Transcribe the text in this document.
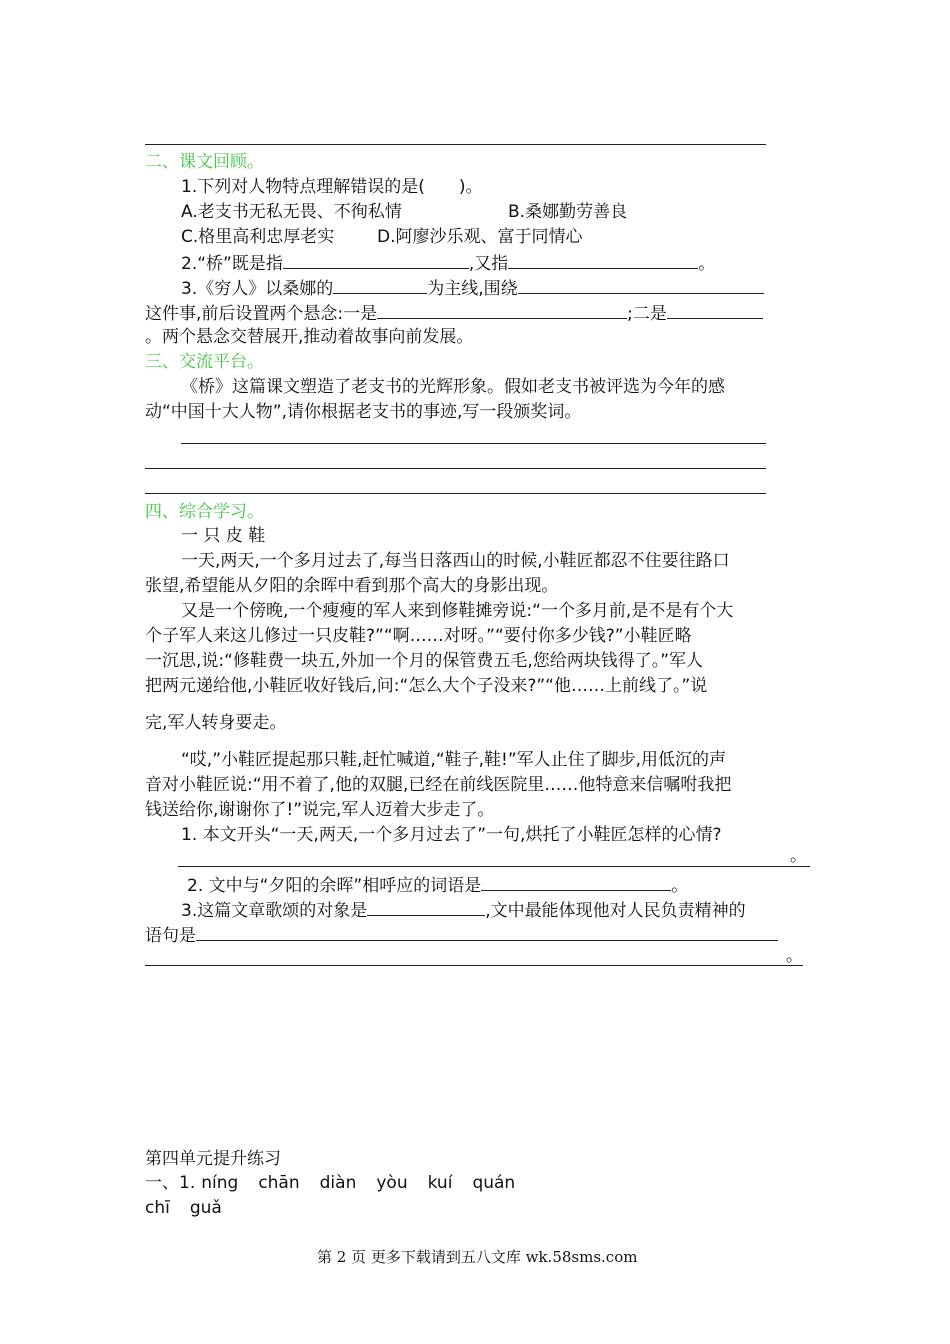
二、课文回顾。
1.下列对人物特点理解错误的是(　　)。
A.老支书无私无畏、不徇私情	B.桑娜勤劳善良
C.格里高利忠厚老实	D.阿廖沙乐观、富于同情心
2.“桥”既是指	,又指	。
3.《穷人》以桑娜的	为主线,围绕
这件事,前后设置两个悬念:一是	;二是
。两个悬念交替展开,推动着故事向前发展。
三、交流平台。
《桥》这篇课文塑造了老支书的光辉形象。假如老支书被评选为今年的感
动“中国十大人物”,请你根据老支书的事迹,写一段颁奖词。
四、综合学习。
一 只 皮 鞋
一天,两天,一个多月过去了,每当日落西山的时候,小鞋匠都忍不住要往路口
张望,希望能从夕阳的余晖中看到那个高大的身影出现。
又是一个傍晚,一个瘦瘦的军人来到修鞋摊旁说:“一个多月前,是不是有个大
个子军人来这儿修过一只皮鞋?”“啊……对呀。”“要付你多少钱?”小鞋匠略
一沉思,说:“修鞋费一块五,外加一个月的保管费五毛,您给两块钱得了。”军人
把两元递给他,小鞋匠收好钱后,问:“怎么大个子没来?”“他……上前线了。”说
完,军人转身要走。
“哎,”小鞋匠提起那只鞋,赶忙喊道,“鞋子,鞋!”军人止住了脚步,用低沉的声
音对小鞋匠说:“用不着了,他的双腿,已经在前线医院里……他特意来信嘱咐我把
钱送给你,谢谢你了!”说完,军人迈着大步走了。
1. 本文开头“一天,两天,一个多月过去了”一句,烘托了小鞋匠怎样的心情?
。
2. 文中与“夕阳的余晖”相呼应的词语是	。
3.这篇文章歌颂的对象是	,文中最能体现他对人民负责精神的
语句是
。
第四单元提升练习
一、1. níng chān diàn yòu kuí quán
chī guǎ
第 2 页 更多下载请到五八文库 wk.58sms.com
